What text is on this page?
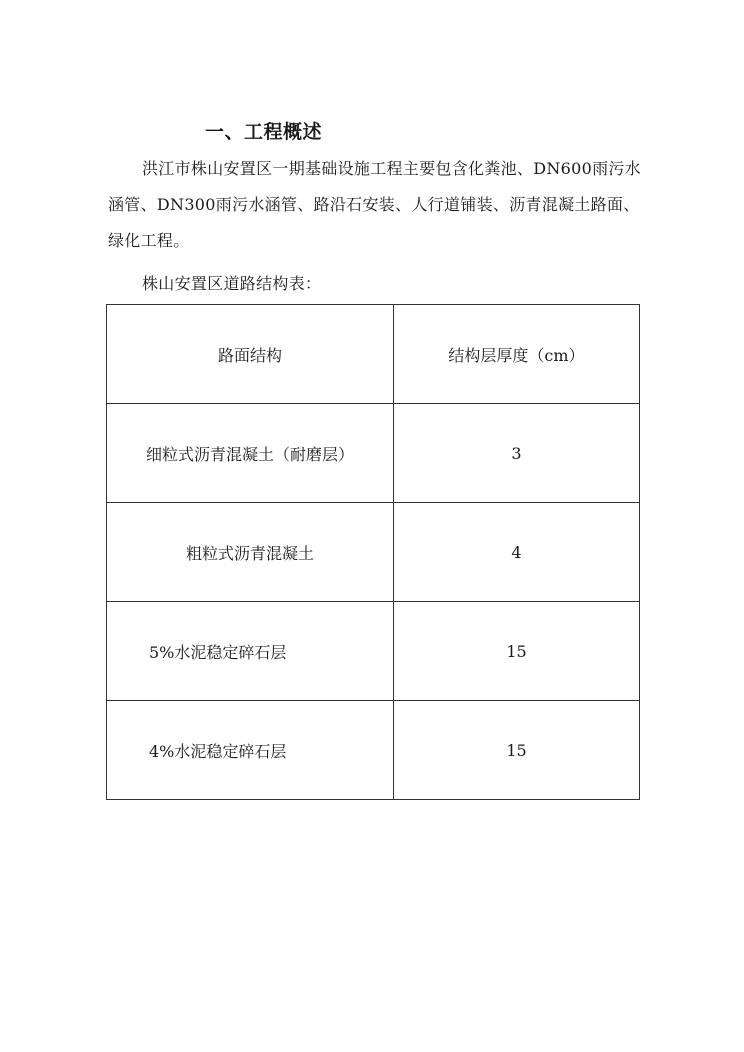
一、工程概述
洪江市株山安置区一期基础设施工程主要包含化粪池、DN600雨污水涵管、DN300雨污水涵管、路沿石安装、人行道铺装、沥青混凝土路面、绿化工程。
株山安置区道路结构表：
路面结构	结构层厚度（cm）
细粒式沥青混凝土（耐磨层）	3
粗粒式沥青混凝土	4
5%水泥稳定碎石层	15
4%水泥稳定碎石层	15
